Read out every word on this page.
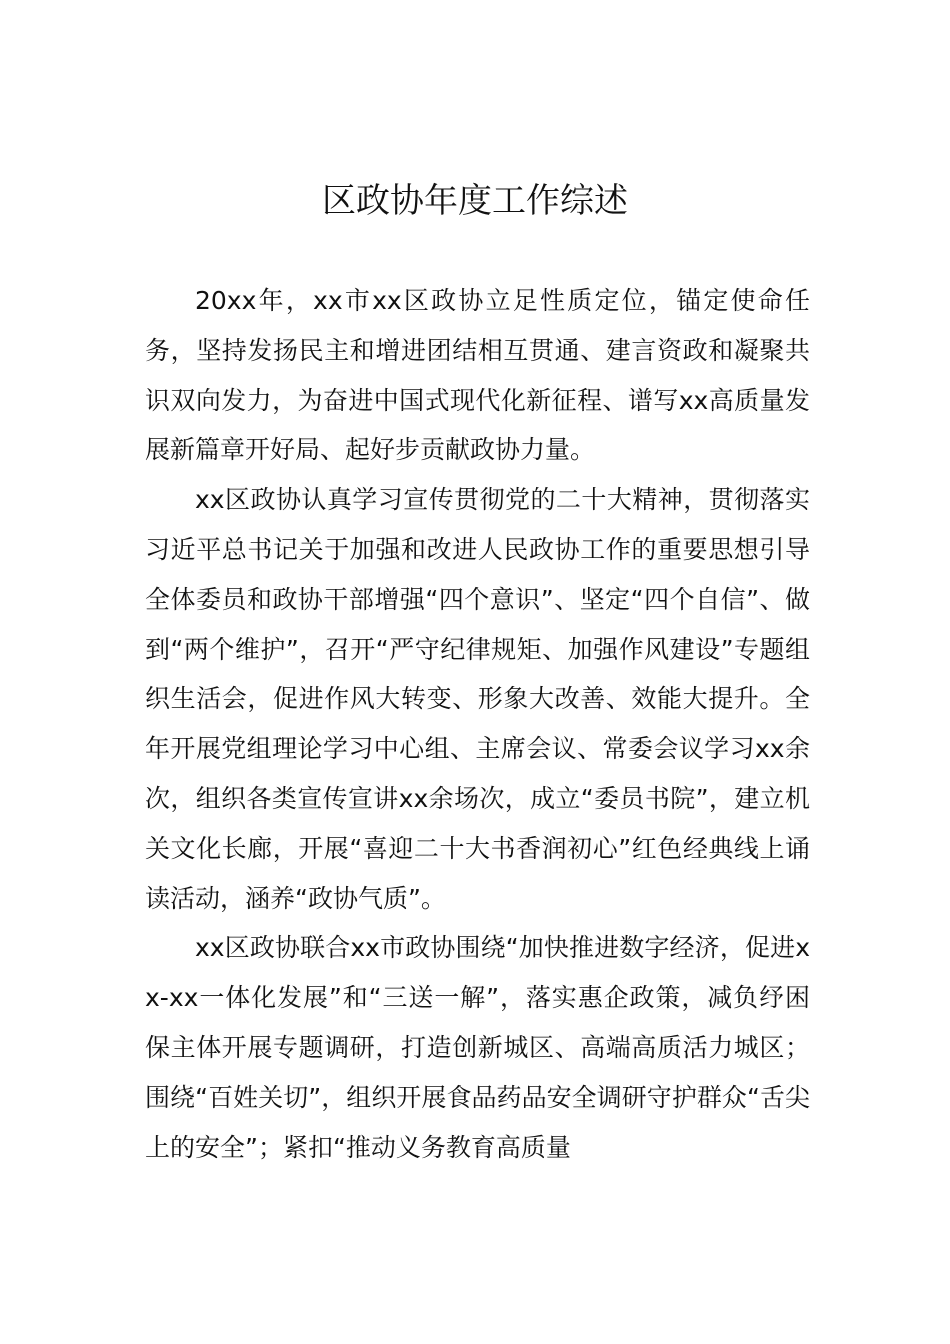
区政协年度工作综述

20xx年，xx市xx区政协立足性质定位，锚定使命任务，坚持发扬民主和增进团结相互贯通、建言资政和凝聚共识双向发力，为奋进中国式现代化新征程、谱写xx高质量发展新篇章开好局、起好步贡献政协力量。

xx区政协认真学习宣传贯彻党的二十大精神，贯彻落实习近平总书记关于加强和改进人民政协工作的重要思想引导全体委员和政协干部增强“四个意识”、坚定“四个自信”、做到“两个维护”，召开“严守纪律规矩、加强作风建设”专题组织生活会，促进作风大转变、形象大改善、效能大提升。全年开展党组理论学习中心组、主席会议、常委会议学习xx余次，组织各类宣传宣讲xx余场次，成立“委员书院”，建立机关文化长廊，开展“喜迎二十大书香润初心”红色经典线上诵读活动，涵养“政协气质”。

xx区政协联合xx市政协围绕“加快推进数字经济，促进xx-xx一体化发展”和“三送一解”，落实惠企政策，减负纾困保主体开展专题调研，打造创新城区、高端高质活力城区；围绕“百姓关切”，组织开展食品药品安全调研守护群众“舌尖上的安全”；紧扣“推动义务教育高质量
